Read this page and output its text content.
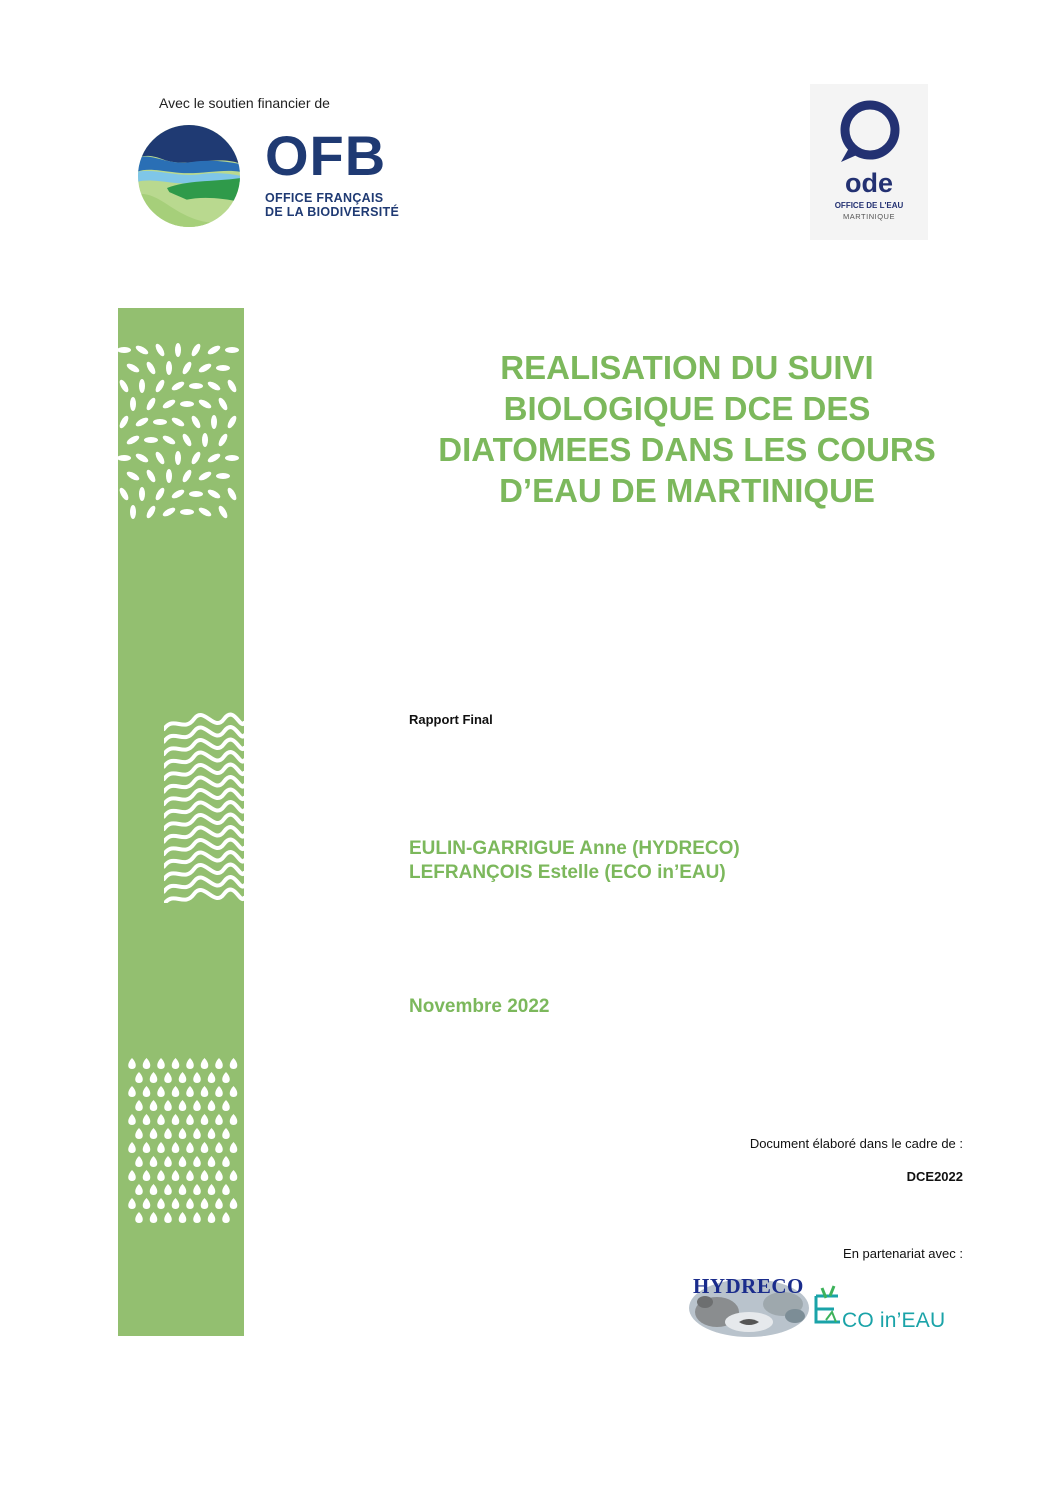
Avec le soutien financier de
OFB
OFFICE FRANÇAIS
DE LA BIODIVERSITÉ
ode
OFFICE DE L'EAU
MARTINIQUE
REALISATION DU SUIVI
BIOLOGIQUE DCE DES
DIATOMEES DANS LES COURS
D’EAU DE MARTINIQUE
Rapport Final
EULIN-GARRIGUE Anne (HYDRECO)
LEFRANÇOIS Estelle (ECO in’EAU)
Novembre 2022
Document élaboré dans le cadre de :
DCE2022
En partenariat avec :
HYDRECO
CO in’EAU
